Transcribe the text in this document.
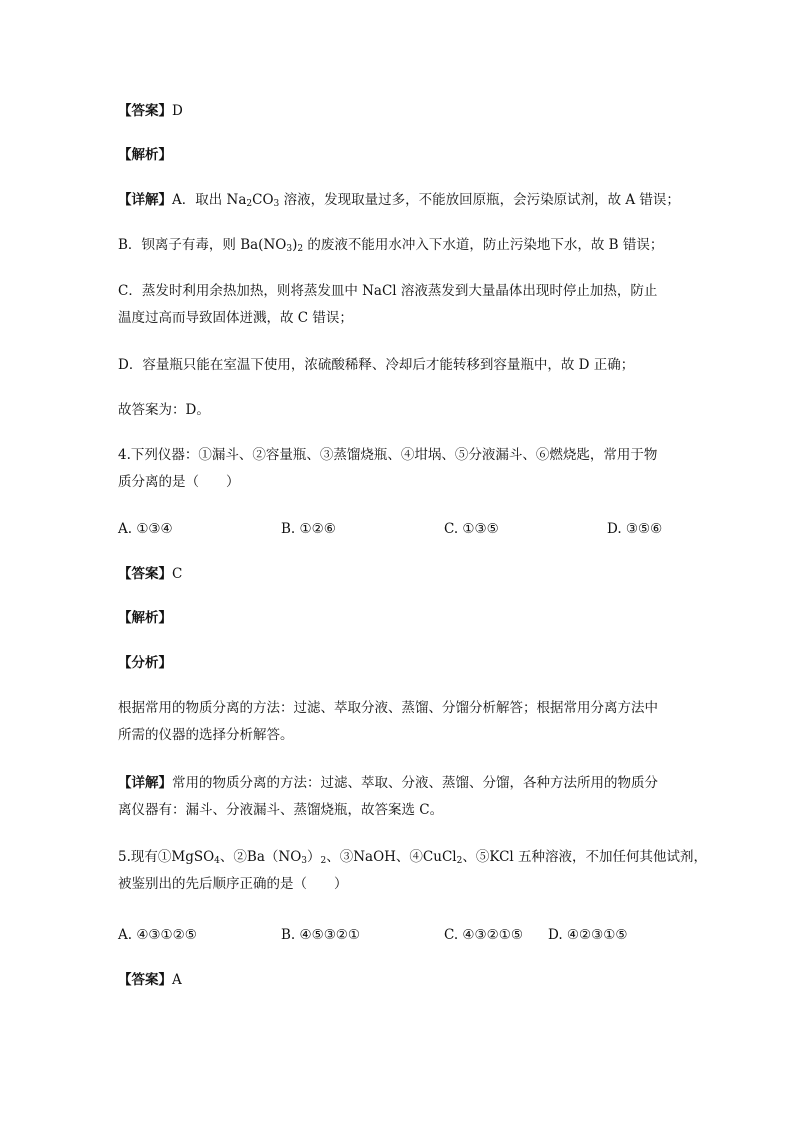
【答案】D
【解析】
【详解】A．取出 $Na_2CO_3$ 溶液，发现取量过多，不能放回原瓶，会污染原试剂，故 A 错误；
B．钡离子有毒，则 $Ba(NO_3)_2$ 的废液不能用水冲入下水道，防止污染地下水，故 B 错误；
C．蒸发时利用余热加热，则将蒸发皿中 NaCl 溶液蒸发到大量晶体出现时停止加热，防止
温度过高而导致固体迸溅，故 C 错误；
D．容量瓶只能在室温下使用，浓硫酸稀释、冷却后才能转移到容量瓶中，故 D 正确；
故答案为：D。
4.下列仪器：①漏斗、②容量瓶、③蒸馏烧瓶、④坩埚、⑤分液漏斗、⑥燃烧匙，常用于物
质分离的是（　　）
A. ①③④	B. ①②⑥	C. ①③⑤	D. ③⑤⑥
【答案】C
【解析】
【分析】
根据常用的物质分离的方法：过滤、萃取分液、蒸馏、分馏分析解答；根据常用分离方法中
所需的仪器的选择分析解答。
【详解】常用的物质分离的方法：过滤、萃取、分液、蒸馏、分馏，各种方法所用的物质分
离仪器有：漏斗、分液漏斗、蒸馏烧瓶，故答案选 C。
5.现有①MgSO$_4$、$②Ba(NO_3)_2$、③NaOH、④CuCl$_2$、⑤KCl 五种溶液，不加任何其他试剂，
被鉴别出的先后顺序正确的是（　　）
A. ④③①②⑤	B. ④⑤③②①	C. ④③②①⑤ D. ④②③①⑤
【答案】A
